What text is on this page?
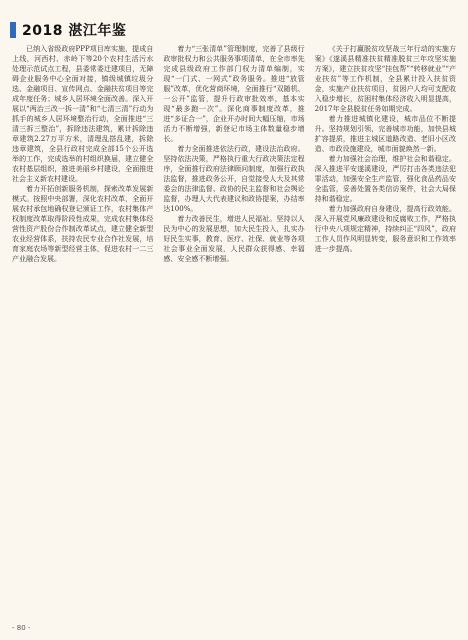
2018 湛江年鉴

已纳入省级政府PPP项目库实施，提成自上线，河西村、赤岭下等20个农村生活污水处理示范试点工程，县委常委迁建项目，无障碍企业服务中心全面对接，镇级城镇垃圾分选、金融项目、宣传网点、金融扶贫项目等完成年度任务；城乡人居环境全面改善。深入开展以“两治三改一拆一清”和“七清三清”行动为抓手的城乡人居环境整治行动，全面推进“三清三拆三整治”，拆除违法建筑，累计拆除违章建筑2.27万平方米，清理乱搭乱建，拆除违章建筑，全县行政村完成全部15个公开选举的工作，完成选举的村组织换届，建立健全农村基层组织，推进美丽乡村建设，全面推进社会主义新农村建设。

着力开拓创新服务机制，探索改革发展新模式。按照中央部署，深化农村改革，全面开展农村承包地确权登记颁证工作，农村集体产权制度改革取得阶段性成果，完成农村集体经营性资产股份合作制改革试点，建立健全新型农业经营体系，扶持农民专业合作社发展，培育家庭农场等新型经营主体，促进农村一二三产业融合发展。

着力“三张清单”管理制度，完善了县级行政审批权力和公共服务事项清单，在全市率先完成县级政府工作部门权力清单编制，实现“一门式、一网式”政务服务。推进“放管服”改革，优化营商环境，全面推行“双随机、一公开”监管，提升行政审批效率，基本实现“最多跑一次”。深化商事制度改革，推进“多证合一”，企业开办时间大幅压缩，市场活力不断增强，新登记市场主体数量稳步增长。

着力全面推进依法行政，建设法治政府。坚持依法决策，严格执行重大行政决策法定程序，全面推行政府法律顾问制度，加强行政执法监督，推进政务公开，自觉接受人大及其常委会的法律监督、政协的民主监督和社会舆论监督，办理人大代表建议和政协提案，办结率达100%。

着力改善民生，增进人民福祉。坚持以人民为中心的发展思想，加大民生投入，扎实办好民生实事，教育、医疗、社保、就业等各项社会事业全面发展，人民群众获得感、幸福感、安全感不断增强。

《关于打赢脱贫攻坚战三年行动的实施方案》《遂溪县精准扶贫精准脱贫三年攻坚实施方案》，建立扶贫攻坚“挂包帮”“转移就业”“产业扶贫”等工作机制，全县累计投入扶贫资金，实施产业扶贫项目，贫困户人均可支配收入稳步增长，贫困村集体经济收入明显提高，2017年全县脱贫任务如期完成。

着力推进城镇化建设，城市品位不断提升。坚持规划引领，完善城市功能，加快县城扩容提质，推进主城区道路改造、老旧小区改造、市政设施建设，城市面貌焕然一新。

着力加强社会治理，维护社会和谐稳定。深入推进平安遂溪建设，严厉打击各类违法犯罪活动，加强安全生产监管，强化食品药品安全监管，妥善处置各类信访案件，社会大局保持和谐稳定。

着力加强政府自身建设，提高行政效能。深入开展党风廉政建设和反腐败工作，严格执行中央八项规定精神，持续纠正“四风”，政府工作人员作风明显转变，服务意识和工作效率进一步提高。

- 80 -
